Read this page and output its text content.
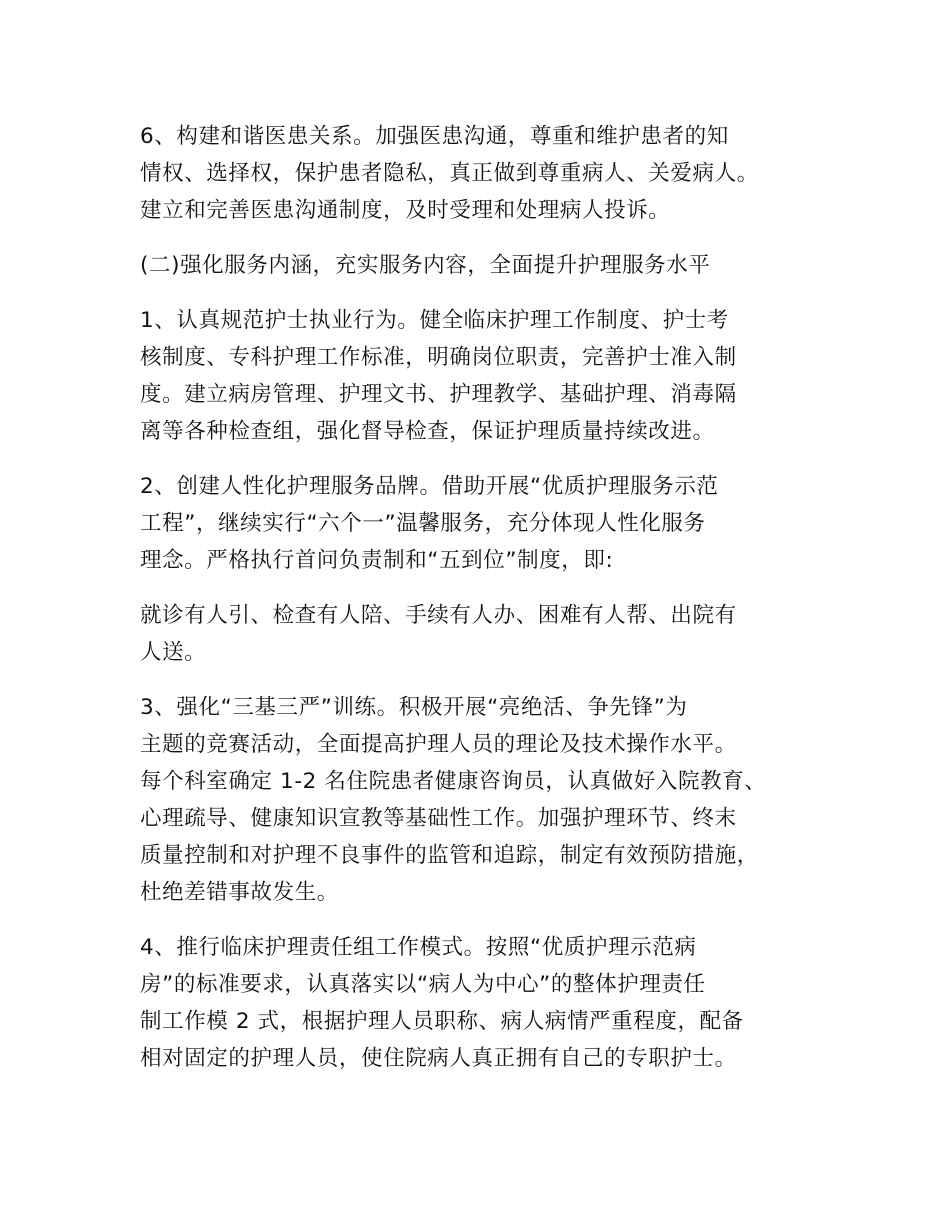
6、构建和谐医患关系。加强医患沟通，尊重和维护患者的知
情权、选择权，保护患者隐私，真正做到尊重病人、关爱病人。
建立和完善医患沟通制度，及时受理和处理病人投诉。

(二)强化服务内涵，充实服务内容，全面提升护理服务水平

1、认真规范护士执业行为。健全临床护理工作制度、护士考
核制度、专科护理工作标准，明确岗位职责，完善护士准入制
度。建立病房管理、护理文书、护理教学、基础护理、消毒隔
离等各种检查组，强化督导检查，保证护理质量持续改进。

2、创建人性化护理服务品牌。借助开展“优质护理服务示范
工程”，继续实行“六个一”温馨服务，充分体现人性化服务
理念。严格执行首问负责制和“五到位”制度，即:

就诊有人引、检查有人陪、手续有人办、困难有人帮、出院有
人送。

3、强化“三基三严”训练。积极开展“亮绝活、争先锋”为
主题的竞赛活动，全面提高护理人员的理论及技术操作水平。
每个科室确定 1-2 名住院患者健康咨询员，认真做好入院教育、
心理疏导、健康知识宣教等基础性工作。加强护理环节、终末
质量控制和对护理不良事件的监管和追踪，制定有效预防措施，
杜绝差错事故发生。

4、推行临床护理责任组工作模式。按照“优质护理示范病
房”的标准要求，认真落实以“病人为中心”的整体护理责任
制工作模 2 式，根据护理人员职称、病人病情严重程度，配备
相对固定的护理人员，使住院病人真正拥有自己的专职护士。
